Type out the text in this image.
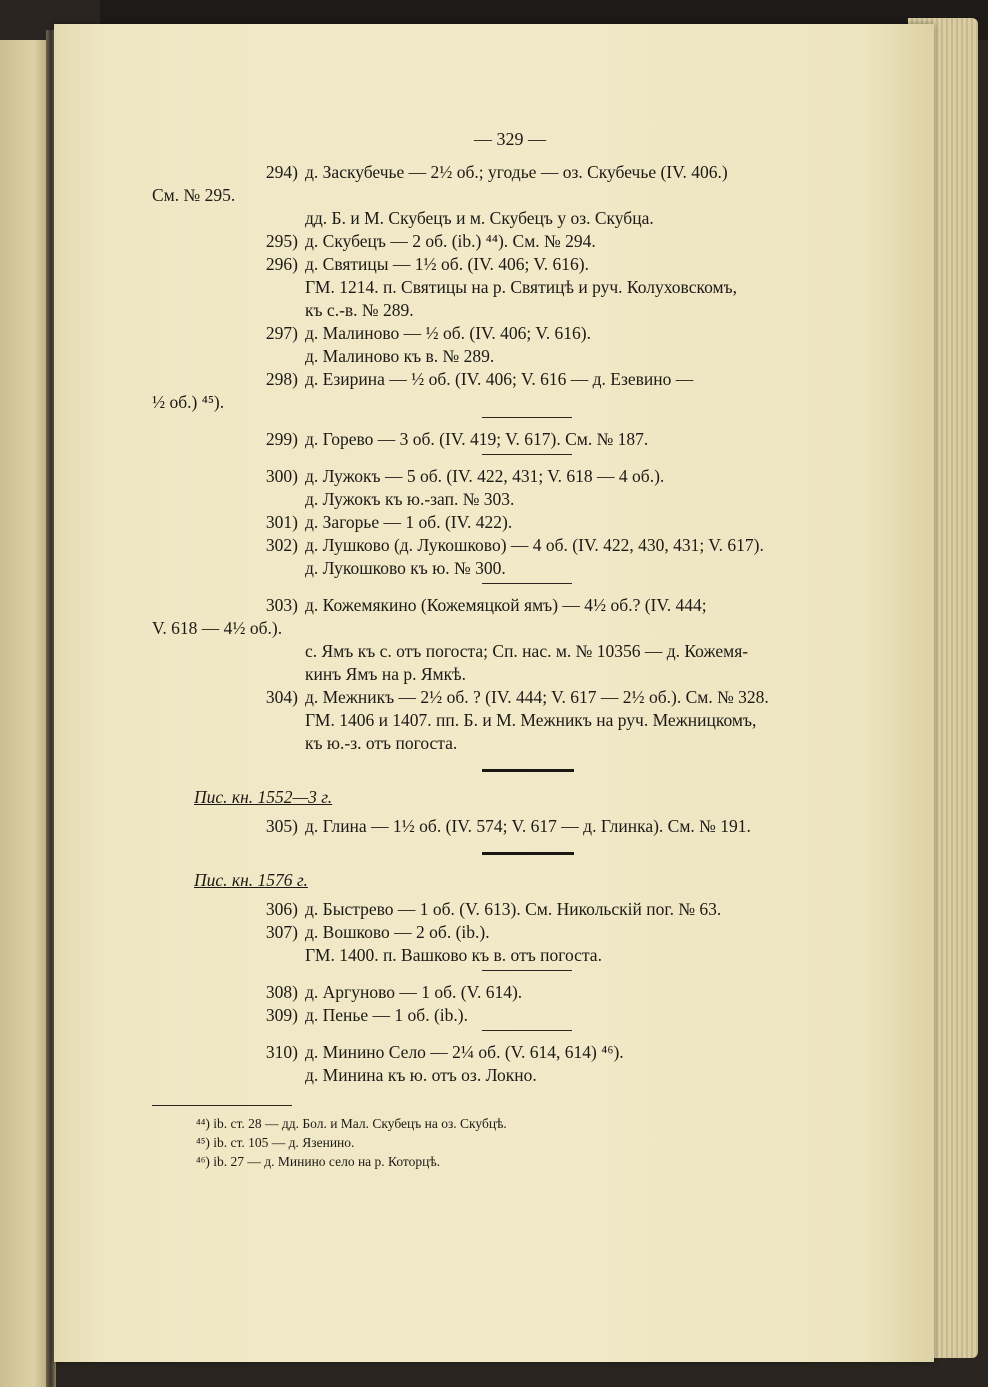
— 329 —

294) д. Заскубечье — 2½ об.; угодье — оз. Скубечье (IV. 406.)

См. № 295.

дд. Б. и М. Скубецъ и м. Скубецъ у оз. Скубца.

295) д. Скубецъ — 2 об. (ib.) ⁴⁴). См. № 294.

296) д. Святицы — 1½ об. (IV. 406; V. 616).

ГМ. 1214. п. Святицы на р. Святицѣ и руч. Колуховскомъ,

къ с.-в. № 289.

297) д. Малиново — ½ об. (IV. 406; V. 616).

д. Малиново къ в. № 289.

298) д. Езирина — ½ об. (IV. 406; V. 616 — д. Езевино —

½ об.) ⁴⁵).

299) д. Горево — 3 об. (IV. 419; V. 617). См. № 187.

300) д. Лужокъ — 5 об. (IV. 422, 431; V. 618 — 4 об.).

д. Лужокъ къ ю.-зап. № 303.

301) д. Загорье — 1 об. (IV. 422).

302) д. Лушково (д. Лукошково) — 4 об. (IV. 422, 430, 431; V. 617).

д. Лукошково къ ю. № 300.

303) д. Кожемякино (Кожемяцкой ямъ) — 4½ об.? (IV. 444;

V. 618 — 4½ об.).

с. Ямъ къ с. отъ погоста; Сп. нас. м. № 10356 — д. Кожемя-

кинъ Ямъ на р. Ямкѣ.

304) д. Межникъ — 2½ об. ? (IV. 444; V. 617 — 2½ об.). См. № 328.

ГМ. 1406 и 1407. пп. Б. и М. Межникъ на руч. Межницкомъ,

къ ю.-з. отъ погоста.

Пис. кн. 1552—3 г.

305) д. Глина — 1½ об. (IV. 574; V. 617 — д. Глинка). См. № 191.

Пис. кн. 1576 г.

306) д. Быстрево — 1 об. (V. 613). См. Никольскій пог. № 63.

307) д. Вошково — 2 об. (ib.).

ГМ. 1400. п. Вашково къ в. отъ погоста.

308) д. Аргуново — 1 об. (V. 614).

309) д. Пенье — 1 об. (ib.).

310) д. Минино Село — 2¼ об. (V. 614, 614) ⁴⁶).

д. Минина къ ю. отъ оз. Локно.

⁴⁴) ib. ст. 28 — дд. Бол. и Мал. Скубецъ на оз. Скубцѣ.

⁴⁵) ib. ст. 105 — д. Язенино.

⁴⁶) ib. 27 — д. Минино село на р. Которцѣ.
